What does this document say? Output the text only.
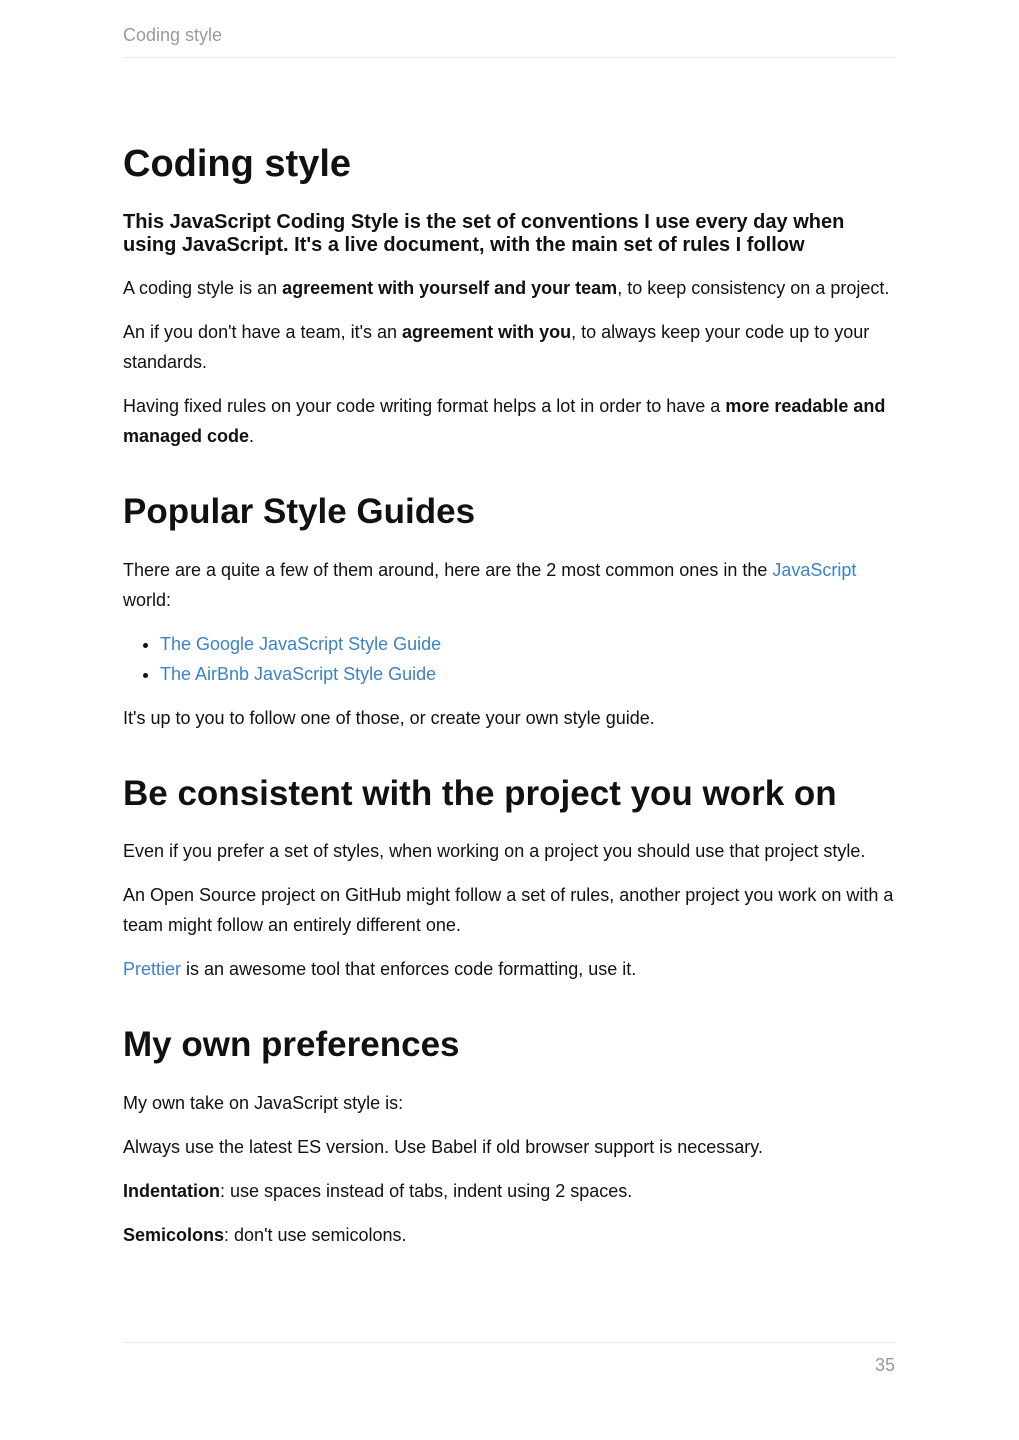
Coding style
Coding style
This JavaScript Coding Style is the set of conventions I use every day when using JavaScript. It's a live document, with the main set of rules I follow

A coding style is an agreement with yourself and your team, to keep consistency on a project.

An if you don't have a team, it's an agreement with you, to always keep your code up to your standards.

Having fixed rules on your code writing format helps a lot in order to have a more readable and managed code.

Popular Style Guides

There are a quite a few of them around, here are the 2 most common ones in the JavaScript world:

• The Google JavaScript Style Guide
• The AirBnb JavaScript Style Guide

It's up to you to follow one of those, or create your own style guide.

Be consistent with the project you work on

Even if you prefer a set of styles, when working on a project you should use that project style.

An Open Source project on GitHub might follow a set of rules, another project you work on with a team might follow an entirely different one.

Prettier is an awesome tool that enforces code formatting, use it.

My own preferences

My own take on JavaScript style is:

Always use the latest ES version. Use Babel if old browser support is necessary.

Indentation: use spaces instead of tabs, indent using 2 spaces.

Semicolons: don't use semicolons.

35
